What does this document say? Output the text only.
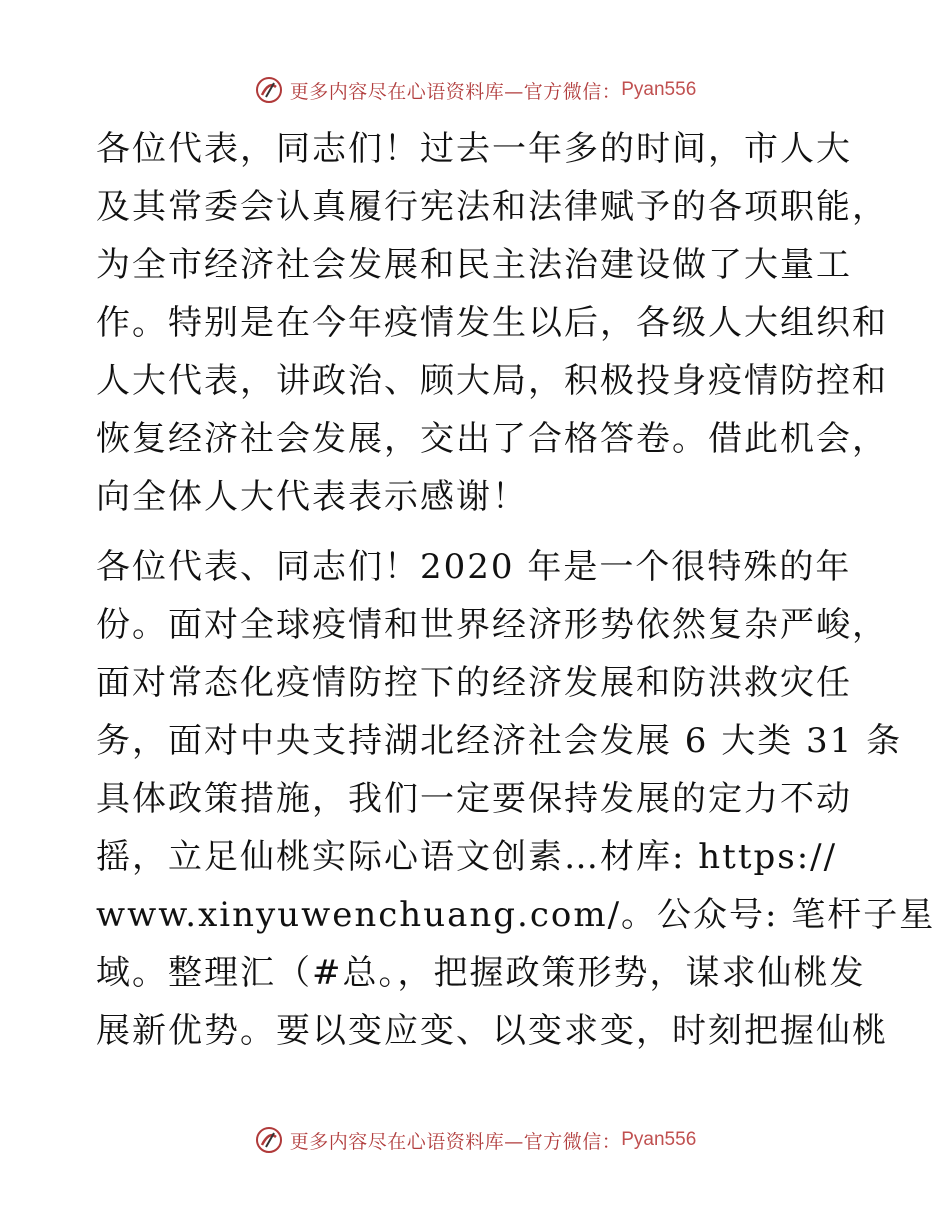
更多内容尽在心语资料库—官方微信： Pyan556
各位代表，同志们！过去一年多的时间，市人大
及其常委会认真履行宪法和法律赋予的各项职能，
为全市经济社会发展和民主法治建设做了大量工
作。特别是在今年疫情发生以后，各级人大组织和
人大代表，讲政治、顾大局，积极投身疫情防控和
恢复经济社会发展，交出了合格答卷。借此机会，
向全体人大代表表示感谢！
各位代表、同志们！2020 年是一个很特殊的年
份。面对全球疫情和世界经济形势依然复杂严峻，
面对常态化疫情防控下的经济发展和防洪救灾任
务，面对中央支持湖北经济社会发展 6 大类 31 条
具体政策措施，我们一定要保持发展的定力不动
摇，立足仙桃实际心语文创素…材库: https://
www.xinyuwenchuang.com/。公众号: 笔杆子星
域。整理汇（#总。，把握政策形势，谋求仙桃发
展新优势。要以变应变、以变求变，时刻把握仙桃
更多内容尽在心语资料库—官方微信： Pyan556
